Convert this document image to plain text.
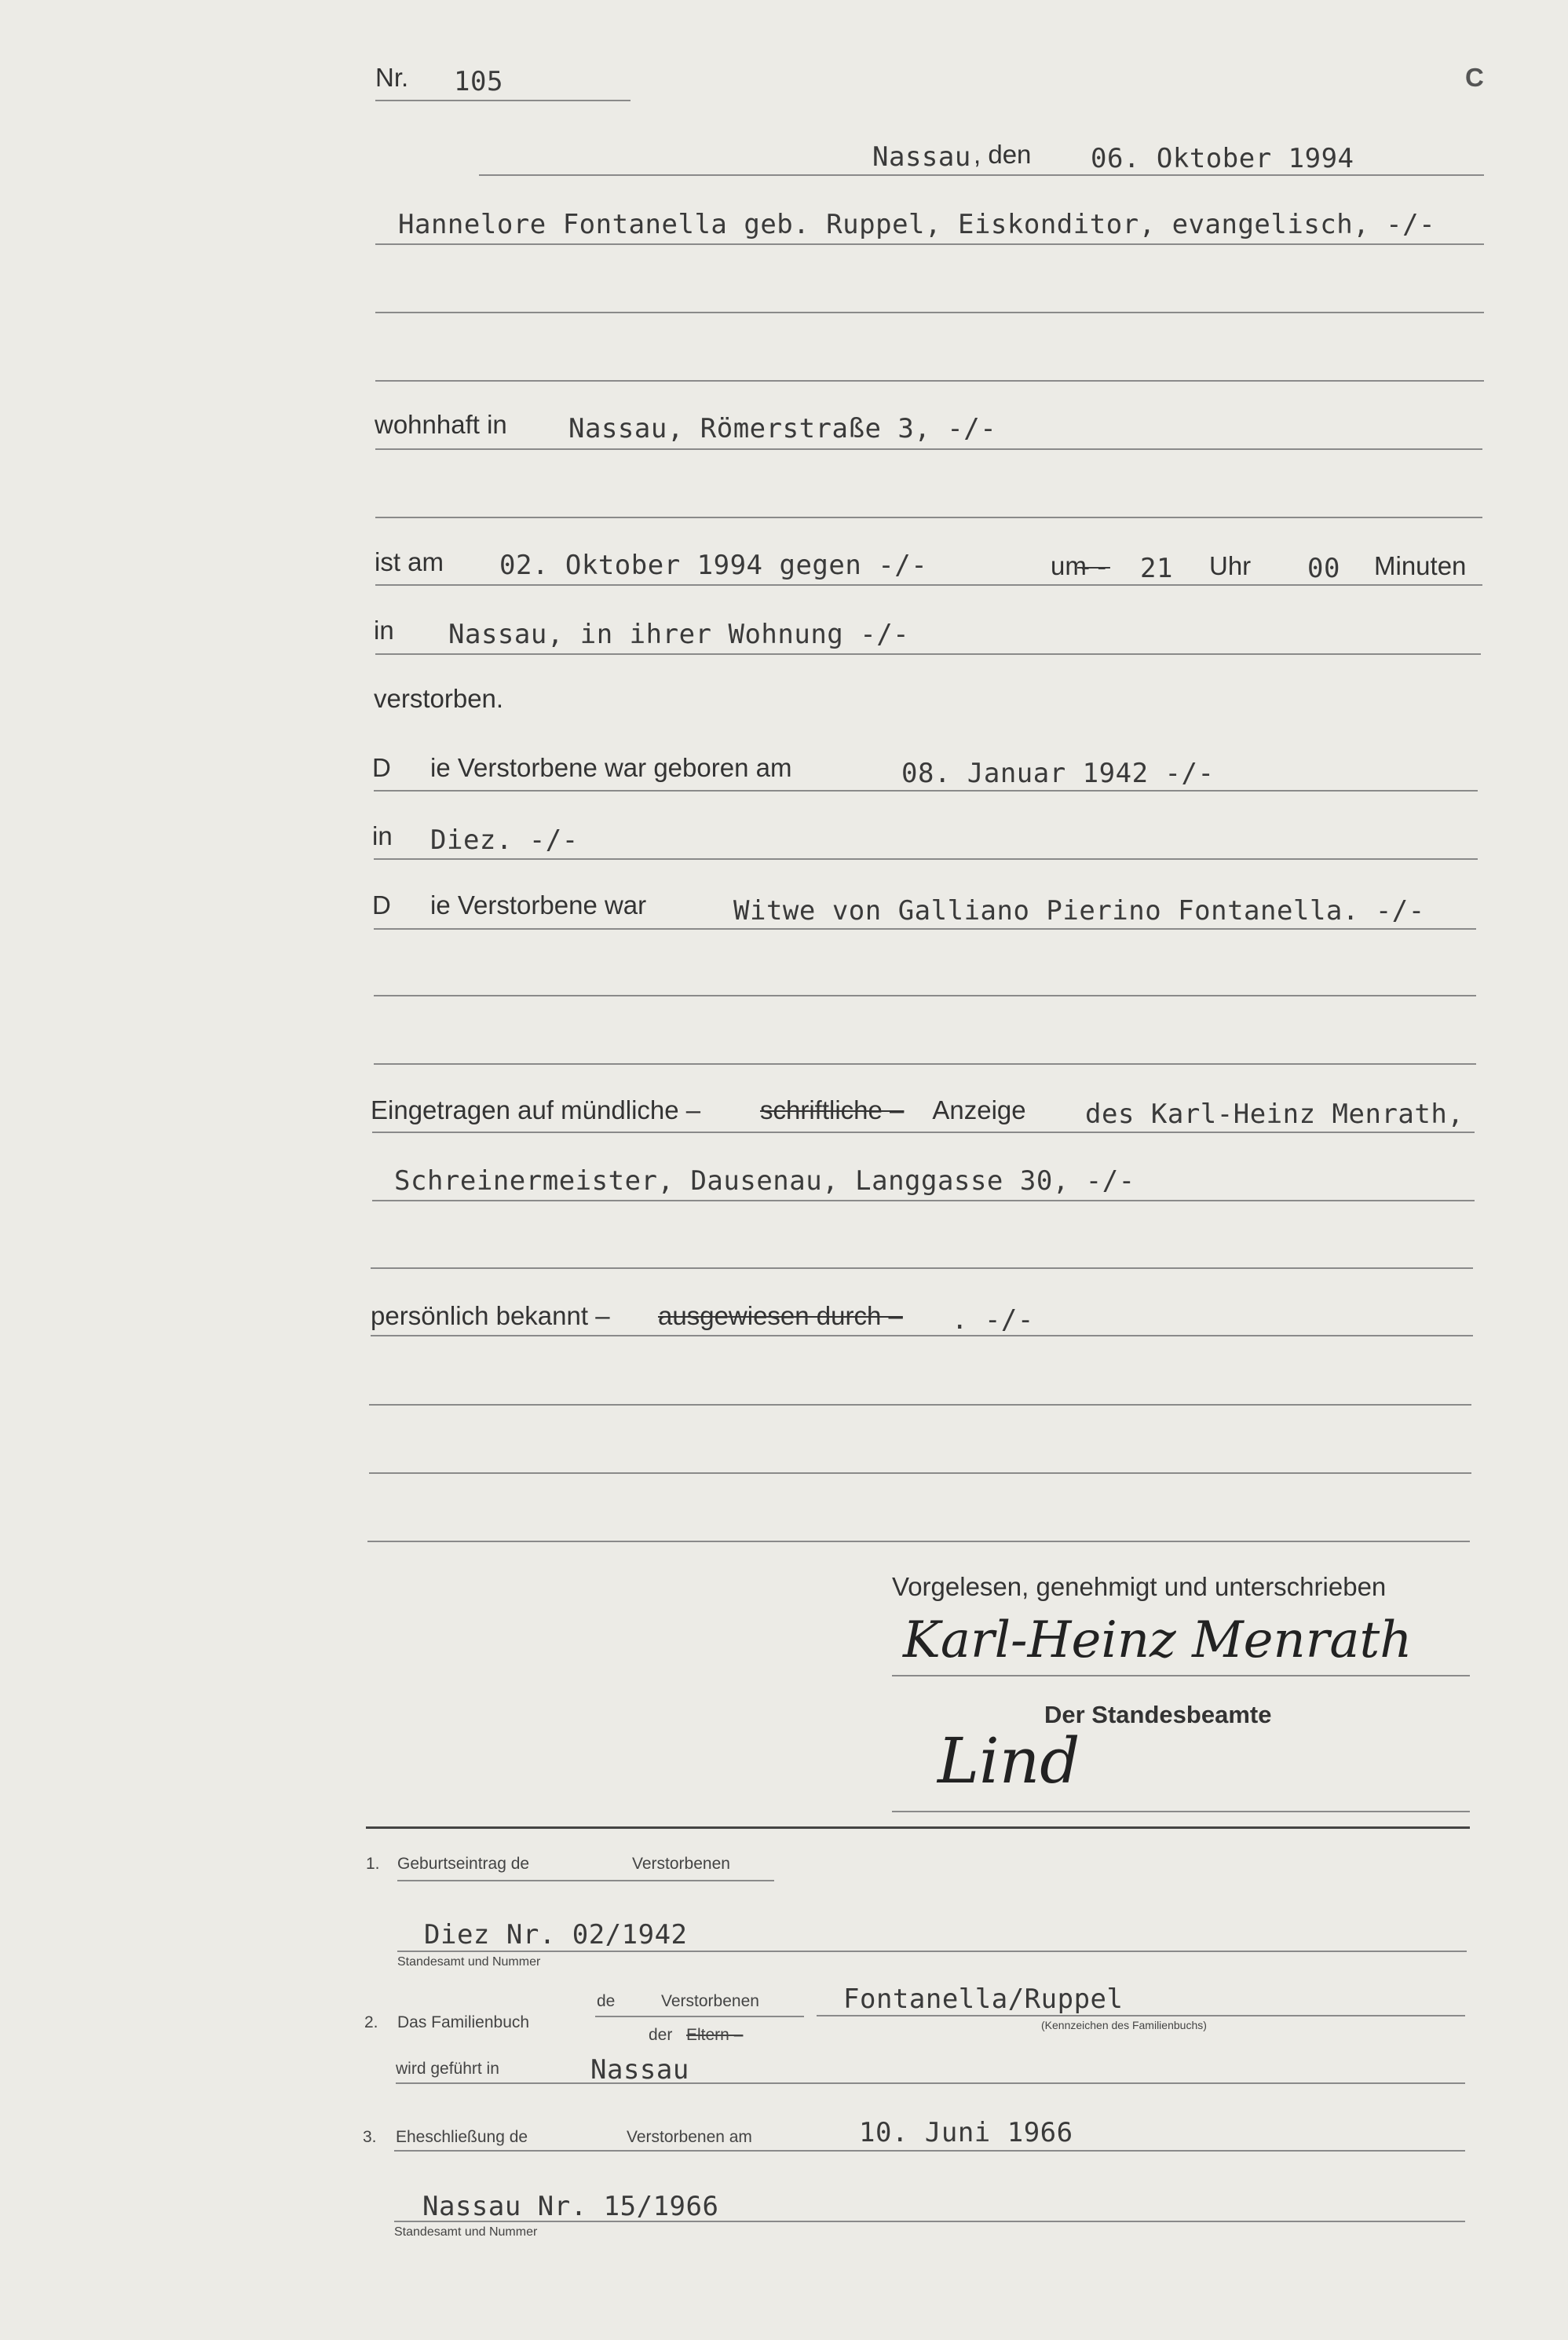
Nr. 105	C
Nassau , den 06. Oktober 1994
Hannelore Fontanella geb. Ruppel, Eiskonditor, evangelisch, -/-
wohnhaft in Nassau, Römerstraße 3, -/-
ist am 02. Oktober 1994 gegen -/-	um
-- 21 Uhr 00 Minuten
in Nassau, in ihrer Wohnung -/-
verstorben.
D ie Verstorbene war geboren am	08. Januar 1942 -/-
in Diez. -/-
D ie Verstorbene war	Witwe von Galliano Pierino Fontanella. -/-
Eingetragen auf mündliche – schriftliche – Anzeige des Karl-Heinz Menrath,
Schreinermeister, Dausenau, Langgasse 30, -/-
persönlich bekannt – ausgewiesen durch – . -/-
Vorgelesen, genehmigt und unterschrieben
Karl-Heinz Menrath
Der Standesbeamte
Lind
1. Geburtseintrag de	Verstorbenen
Diez Nr. 02/1942
Standesamt und Nummer
2. Das Familienbuch
de	Verstorbenen
der Eltern –
Fontanella/Ruppel
(Kennzeichen des Familienbuchs)
wird geführt in	Nassau
3. Eheschließung de	Verstorbenen am	10. Juni 1966
Nassau Nr. 15/1966
Standesamt und Nummer
